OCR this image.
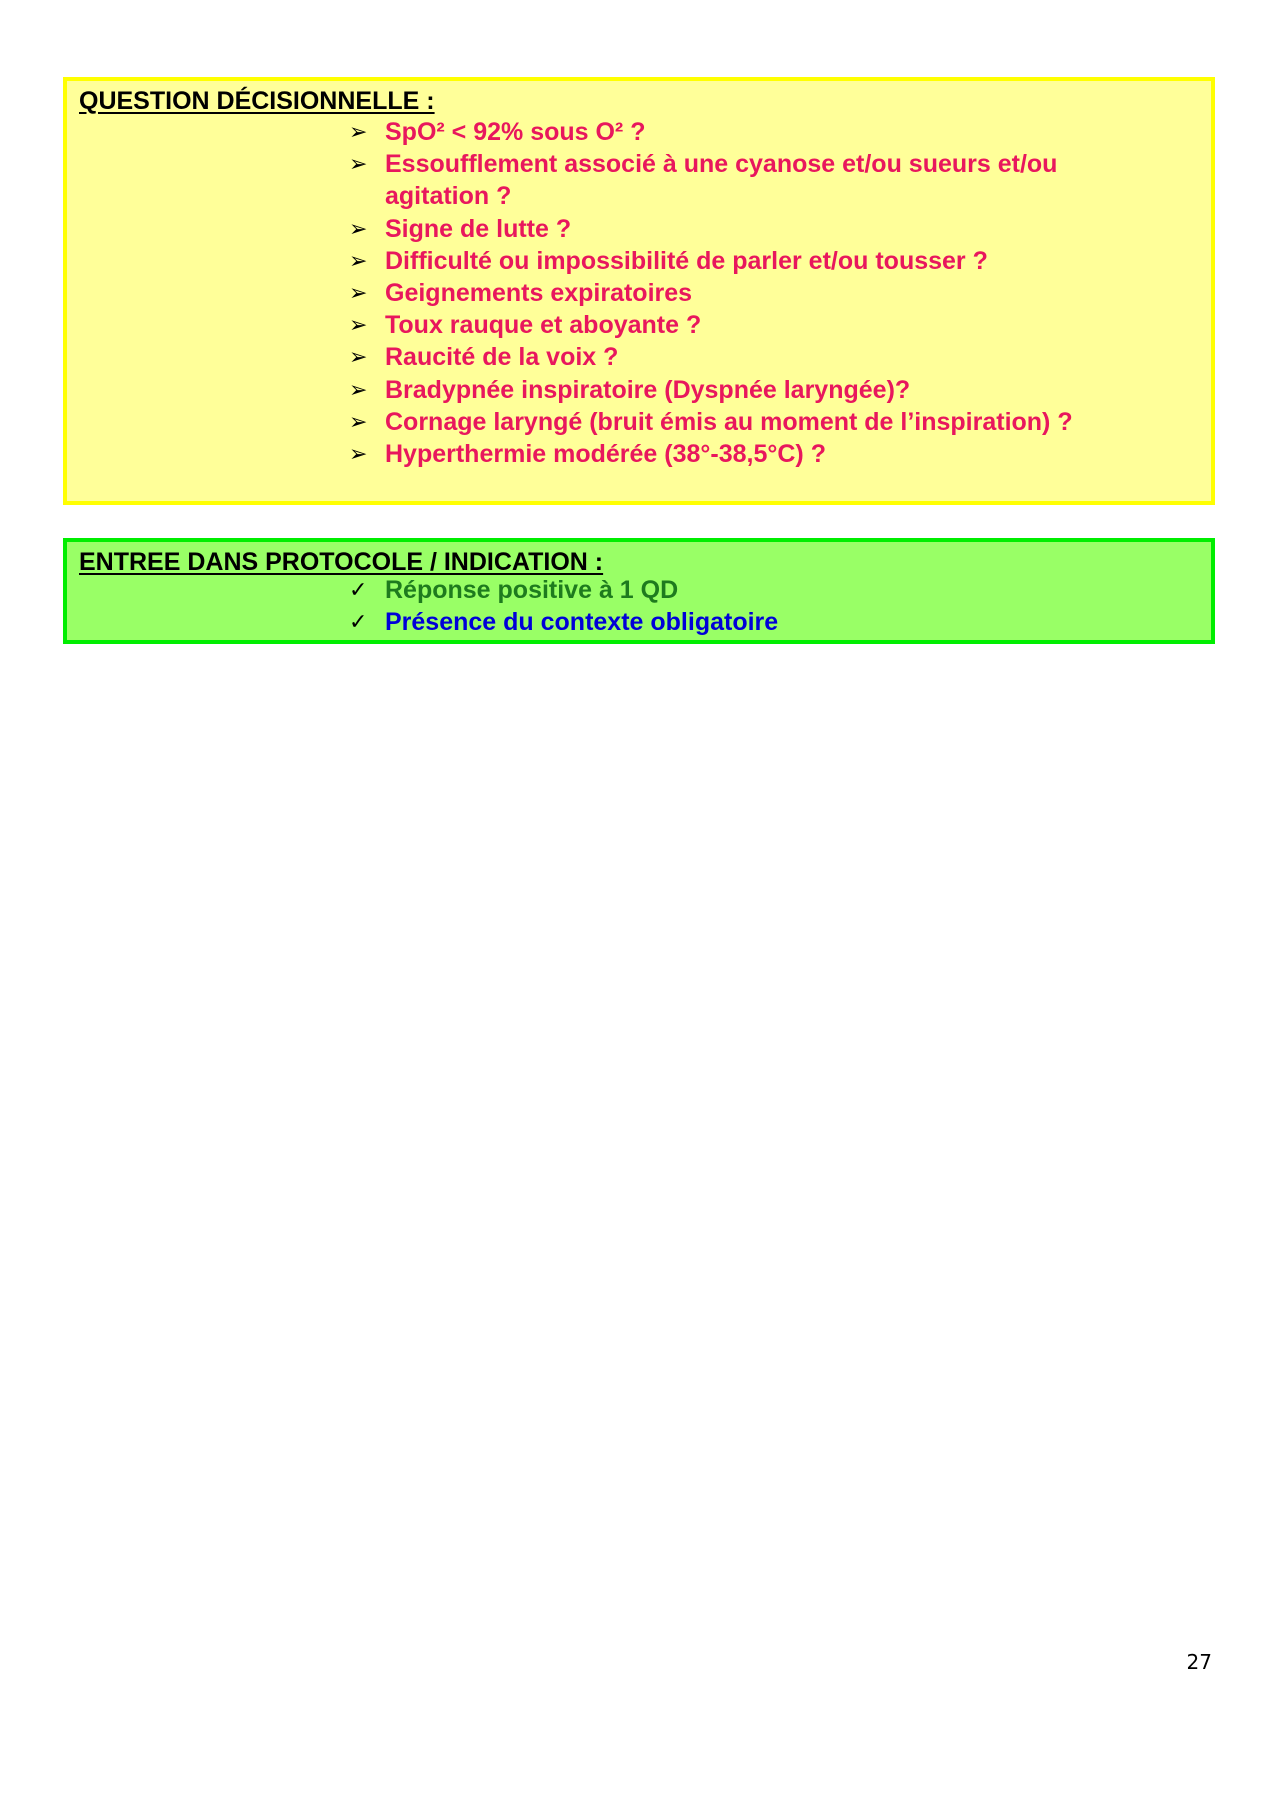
QUESTION DÉCISIONNELLE :
➢ SpO² < 92% sous O² ?
➢ Essoufflement associé à une cyanose et/ou sueurs et/ou
agitation ?
➢ Signe de lutte ?
➢ Difficulté ou impossibilité de parler et/ou tousser ?
➢ Geignements expiratoires
➢ Toux rauque et aboyante ?
➢ Raucité de la voix ?
➢ Bradypnée inspiratoire (Dyspnée laryngée)?
➢ Cornage laryngé (bruit émis au moment de l’inspiration) ?
➢ Hyperthermie modérée (38°-38,5°C) ?
ENTREE DANS PROTOCOLE / INDICATION :
✓ Réponse positive à 1 QD
✓ Présence du contexte obligatoire
27
